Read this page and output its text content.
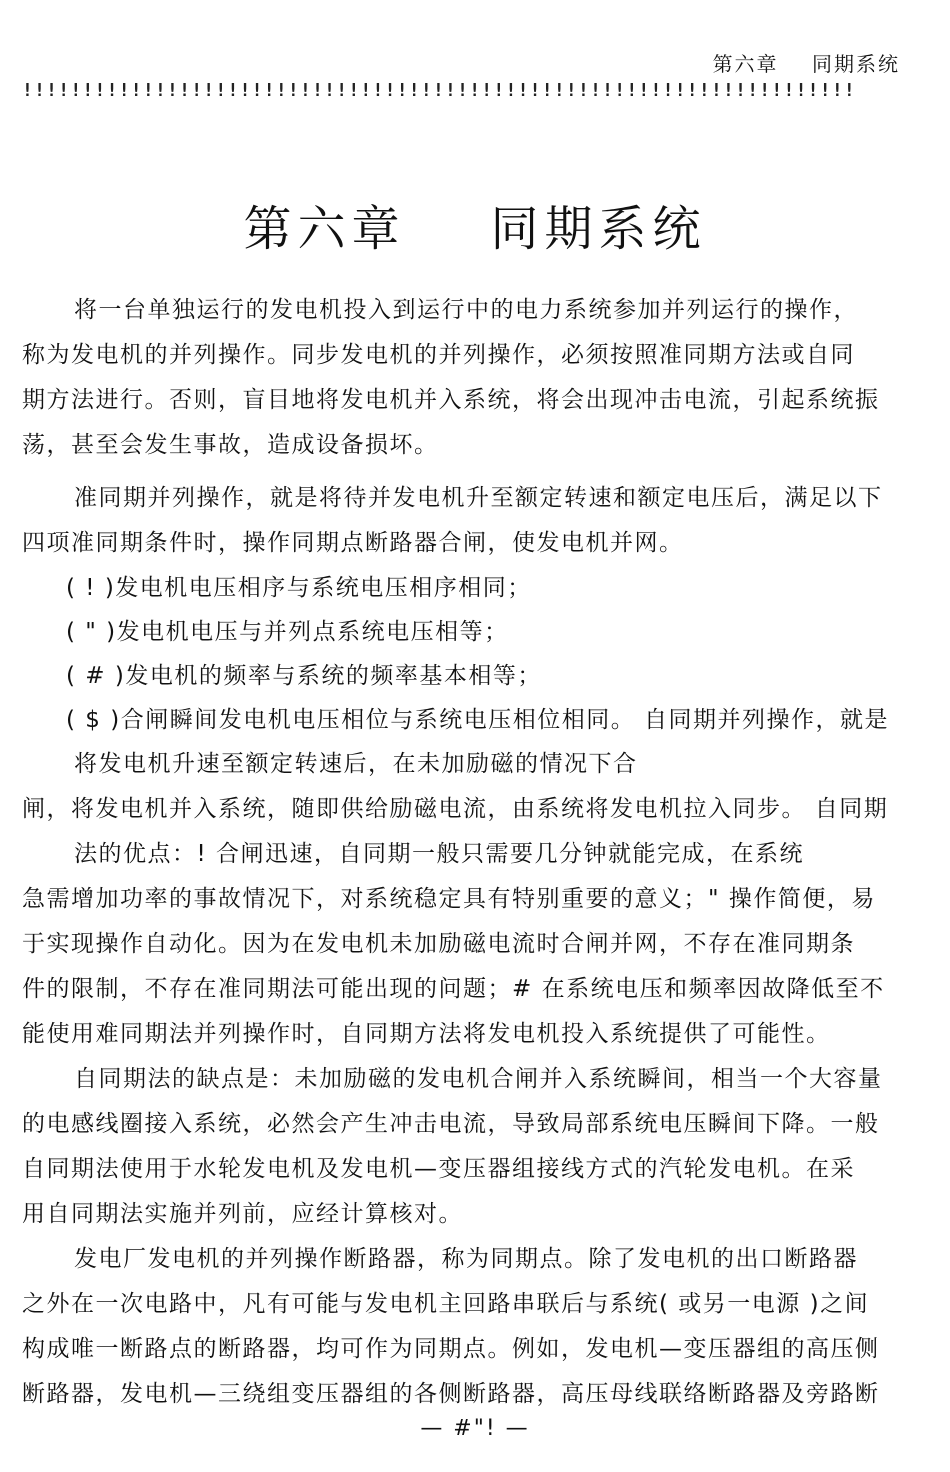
第六章    同期系统
!!!!!!!!!!!!!!!!!!!!!!!!!!!!!!!!!!!!!!!!!!!!!!!!!!!!!!!!!!!!!!!!!!!!!
第六章    同期系统
将一台单独运行的发电机投入到运行中的电力系统参加并列运行的操作，
称为发电机的并列操作。同步发电机的并列操作，必须按照准同期方法或自同
期方法进行。否则，盲目地将发电机并入系统，将会出现冲击电流，引起系统振
荡，甚至会发生事故，造成设备损坏。
准同期并列操作，就是将待并发电机升至额定转速和额定电压后，满足以下
四项准同期条件时，操作同期点断路器合闸，使发电机并网。
( ! )发电机电压相序与系统电压相序相同；
( " )发电机电压与并列点系统电压相等；
( # )发电机的频率与系统的频率基本相等；
( $ )合闸瞬间发电机电压相位与系统电压相位相同。 自同期并列操作，就是
将发电机升速至额定转速后，在未加励磁的情况下合
闸，将发电机并入系统，随即供给励磁电流，由系统将发电机拉入同步。 自同期
法的优点：! 合闸迅速，自同期一般只需要几分钟就能完成，在系统
急需增加功率的事故情况下，对系统稳定具有特别重要的意义；" 操作简便，易
于实现操作自动化。因为在发电机未加励磁电流时合闸并网，不存在准同期条
件的限制，不存在准同期法可能出现的问题；# 在系统电压和频率因故降低至不
能使用难同期法并列操作时，自同期方法将发电机投入系统提供了可能性。
自同期法的缺点是：未加励磁的发电机合闸并入系统瞬间，相当一个大容量
的电感线圈接入系统，必然会产生冲击电流，导致局部系统电压瞬间下降。一般
自同期法使用于水轮发电机及发电机—变压器组接线方式的汽轮发电机。在采
用自同期法实施并列前，应经计算核对。
发电厂发电机的并列操作断路器，称为同期点。除了发电机的出口断路器
之外在一次电路中，凡有可能与发电机主回路串联后与系统( 或另一电源 )之间
构成唯一断路点的断路器，均可作为同期点。例如，发电机—变压器组的高压侧
断路器，发电机—三绕组变压器组的各侧断路器，高压母线联络断路器及旁路断
— #"! —
